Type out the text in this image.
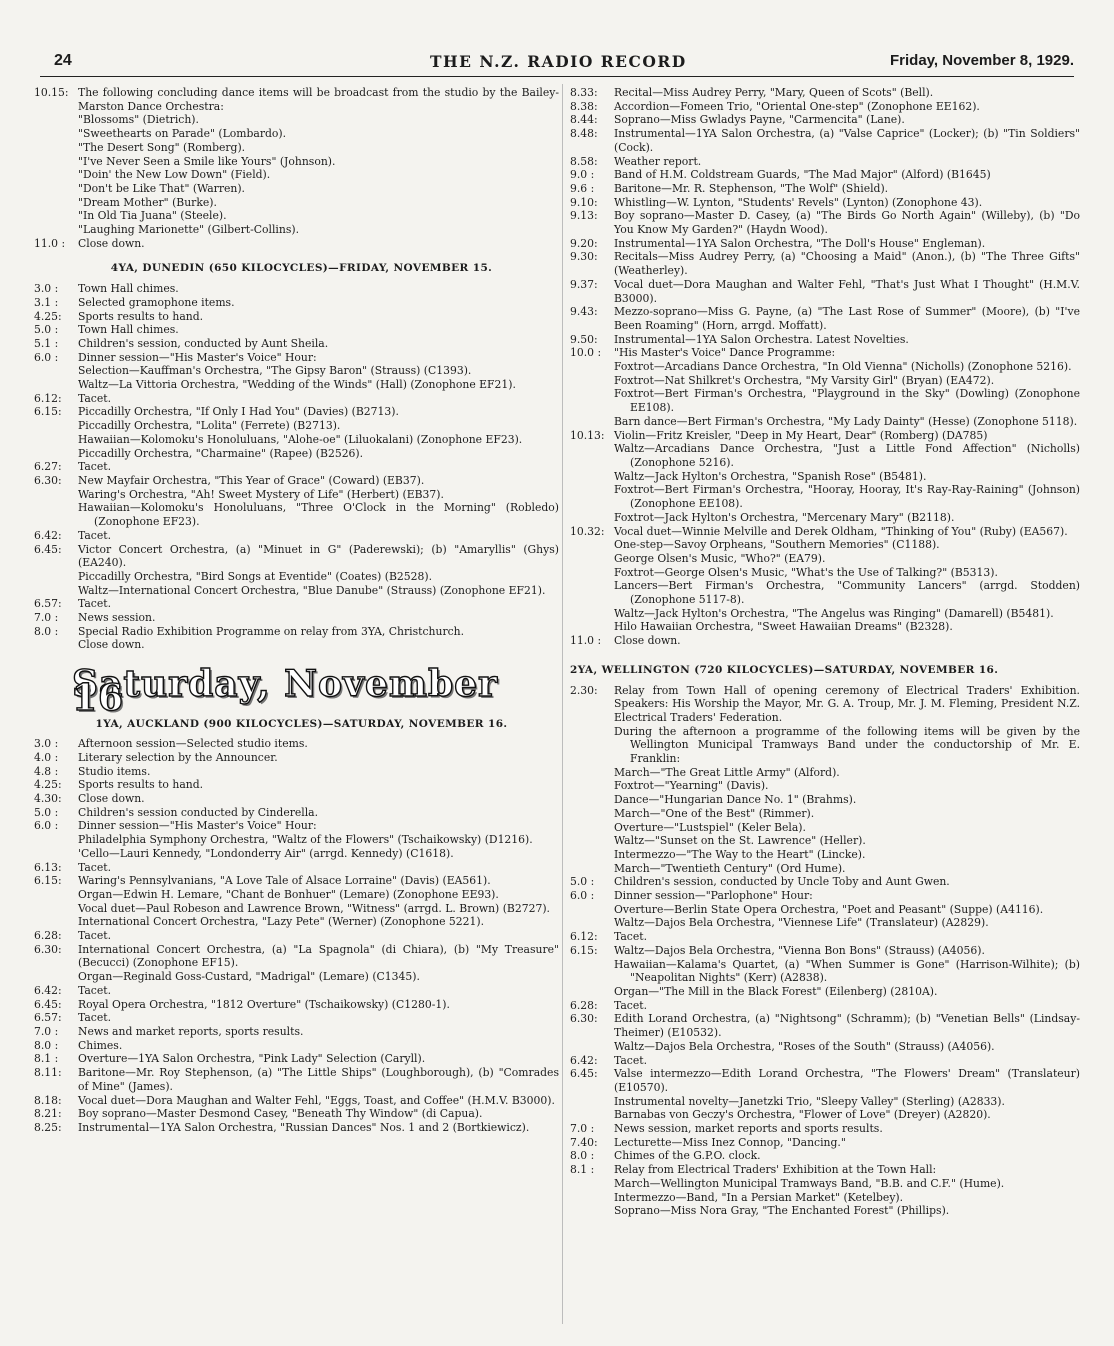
24	THE N.Z. RADIO RECORD	Friday, November 8, 1929.
10.15: The following concluding dance items will be broadcast from the studio by the Bailey-Marston Dance Orchestra:
"Blossoms" (Dietrich).
"Sweethearts on Parade" (Lombardo).
"The Desert Song" (Romberg).
"I've Never Seen a Smile like Yours" (Johnson).
"Doin' the New Low Down" (Field).
"Don't be Like That" (Warren).
"Dream Mother" (Burke).
"In Old Tia Juana" (Steele).
"Laughing Marionette" (Gilbert-Collins).
11.0 :	Close down.
4YA, DUNEDIN (650 KILOCYCLES)—FRIDAY, NOVEMBER 15.
3.0 :	Town Hall chimes.
3.1 :	Selected gramophone items.
4.25:	Sports results to hand.
5.0 :	Town Hall chimes.
5.1 :	Children's session, conducted by Aunt Sheila.
6.0 :	Dinner session—"His Master's Voice" Hour:
Selection—Kauffman's Orchestra, "The Gipsy Baron" (Strauss) (C1393).
Waltz—La Vittoria Orchestra, "Wedding of the Winds" (Hall) (Zonophone EF21).
6.12:	Tacet.
6.15:	Piccadilly Orchestra, "If Only I Had You" (Davies) (B2713).
Piccadilly Orchestra, "Lolita" (Ferrete) (B2713).
Hawaiian—Kolomoku's Honoluluans, "Alohe-oe" (Liluokalani) (Zonophone EF23).
Piccadilly Orchestra, "Charmaine" (Rapee) (B2526).
6.27:	Tacet.
6.30:	New Mayfair Orchestra, "This Year of Grace" (Coward) (EB37).
Waring's Orchestra, "Ah! Sweet Mystery of Life" (Herbert) (EB37).
Hawaiian—Kolomoku's Honoluluans, "Three O'Clock in the Morning" (Robledo) (Zonophone EF23).
6.42:	Tacet.
6.45:	Victor Concert Orchestra, (a) "Minuet in G" (Paderewski); (b) "Amaryllis" (Ghys) (EA240).
Piccadilly Orchestra, "Bird Songs at Eventide" (Coates) (B2528).
Waltz—International Concert Orchestra, "Blue Danube" (Strauss) (Zonophone EF21).
6.57:	Tacet.
7.0 :	News session.
8.0 :	Special Radio Exhibition Programme on relay from 3YA, Christchurch.
Close down.
Saturday, November 16
1YA, AUCKLAND (900 KILOCYCLES)—SATURDAY, NOVEMBER 16.
3.0 :	Afternoon session—Selected studio items.
4.0 :	Literary selection by the Announcer.
4.8 :	Studio items.
4.25:	Sports results to hand.
4.30:	Close down.
5.0 :	Children's session conducted by Cinderella.
6.0 :	Dinner session—"His Master's Voice" Hour:
Philadelphia Symphony Orchestra, "Waltz of the Flowers" (Tschaikowsky) (D1216).
'Cello—Lauri Kennedy, "Londonderry Air" (arrgd. Kennedy) (C1618).
6.13:	Tacet.
6.15:	Waring's Pennsylvanians, "A Love Tale of Alsace Lorraine" (Davis) (EA561).
Organ—Edwin H. Lemare, "Chant de Bonhuer" (Lemare) (Zonophone EE93).
Vocal duet—Paul Robeson and Lawrence Brown, "Witness" (arrgd. L. Brown) (B2727).
International Concert Orchestra, "Lazy Pete" (Werner) (Zonophone 5221).
6.28:	Tacet.
6.30:	International Concert Orchestra, (a) "La Spagnola" (di Chiara), (b) "My Treasure" (Becucci) (Zonophone EF15).
Organ—Reginald Goss-Custard, "Madrigal" (Lemare) (C1345).
6.42:	Tacet.
6.45:	Royal Opera Orchestra, "1812 Overture" (Tschaikowsky) (C1280-1).
6.57:	Tacet.
7.0 :	News and market reports, sports results.
8.0 :	Chimes.
8.1 :	Overture—1YA Salon Orchestra, "Pink Lady" Selection (Caryll).
8.11:	Baritone—Mr. Roy Stephenson, (a) "The Little Ships" (Loughborough), (b) "Comrades of Mine" (James).
8.18:	Vocal duet—Dora Maughan and Walter Fehl, "Eggs, Toast, and Coffee" (H.M.V. B3000).
8.21:	Boy soprano—Master Desmond Casey, "Beneath Thy Window" (di Capua).
8.25:	Instrumental—1YA Salon Orchestra, "Russian Dances" Nos. 1 and 2 (Bortkiewicz).
8.33:	Recital—Miss Audrey Perry, "Mary, Queen of Scots" (Bell).
8.38:	Accordion—Fomeen Trio, "Oriental One-step" (Zonophone EE162).
8.44:	Soprano—Miss Gwladys Payne, "Carmencita" (Lane).
8.48:	Instrumental—1YA Salon Orchestra, (a) "Valse Caprice" (Locker); (b) "Tin Soldiers" (Cock).
8.58:	Weather report.
9.0 :	Band of H.M. Coldstream Guards, "The Mad Major" (Alford) (B1645)
9.6 :	Baritone—Mr. R. Stephenson, "The Wolf" (Shield).
9.10:	Whistling—W. Lynton, "Students' Revels" (Lynton) (Zonophone 43).
9.13:	Boy soprano—Master D. Casey, (a) "The Birds Go North Again" (Willeby), (b) "Do You Know My Garden?" (Haydn Wood).
9.20:	Instrumental—1YA Salon Orchestra, "The Doll's House" Engleman).
9.30:	Recitals—Miss Audrey Perry, (a) "Choosing a Maid" (Anon.), (b) "The Three Gifts" (Weatherley).
9.37:	Vocal duet—Dora Maughan and Walter Fehl, "That's Just What I Thought" (H.M.V. B3000).
9.43:	Mezzo-soprano—Miss G. Payne, (a) "The Last Rose of Summer" (Moore), (b) "I've Been Roaming" (Horn, arrgd. Moffatt).
9.50:	Instrumental—1YA Salon Orchestra. Latest Novelties.
10.0 :	"His Master's Voice" Dance Programme:
Foxtrot—Arcadians Dance Orchestra, "In Old Vienna" (Nicholls) (Zonophone 5216).
Foxtrot—Nat Shilkret's Orchestra, "My Varsity Girl" (Bryan) (EA472).
Foxtrot—Bert Firman's Orchestra, "Playground in the Sky" (Dowling) (Zonophone EE108).
Barn dance—Bert Firman's Orchestra, "My Lady Dainty" (Hesse) (Zonophone 5118).
10.13: Violin—Fritz Kreisler, "Deep in My Heart, Dear" (Romberg) (DA785)
Waltz—Arcadians Dance Orchestra, "Just a Little Fond Affection" (Nicholls) (Zonophone 5216).
Waltz—Jack Hylton's Orchestra, "Spanish Rose" (B5481).
Foxtrot—Bert Firman's Orchestra, "Hooray, Hooray, It's Ray-Ray-Raining" (Johnson) (Zonophone EE108).
Foxtrot—Jack Hylton's Orchestra, "Mercenary Mary" (B2118).
10.32: Vocal duet—Winnie Melville and Derek Oldham, "Thinking of You" (Ruby) (EA567).
One-step—Savoy Orpheans, "Southern Memories" (C1188).
George Olsen's Music, "Who?" (EA79).
Foxtrot—George Olsen's Music, "What's the Use of Talking?" (B5313).
Lancers—Bert Firman's Orchestra, "Community Lancers" (arrgd. Stodden) (Zonophone 5117-8).
Waltz—Jack Hylton's Orchestra, "The Angelus was Ringing" (Damarell) (B5481).
Hilo Hawaiian Orchestra, "Sweet Hawaiian Dreams" (B2328).
11.0 :	Close down.
2YA, WELLINGTON (720 KILOCYCLES)—SATURDAY, NOVEMBER 16.
2.30:	Relay from Town Hall of opening ceremony of Electrical Traders' Exhibition. Speakers: His Worship the Mayor, Mr. G. A. Troup, Mr. J. M. Fleming, President N.Z. Electrical Traders' Federation.
During the afternoon a programme of the following items will be given by the Wellington Municipal Tramways Band under the conductorship of Mr. E. Franklin:
March—"The Great Little Army" (Alford).
Foxtrot—"Yearning" (Davis).
Dance—"Hungarian Dance No. 1" (Brahms).
March—"One of the Best" (Rimmer).
Overture—"Lustspiel" (Keler Bela).
Waltz—"Sunset on the St. Lawrence" (Heller).
Intermezzo—"The Way to the Heart" (Lincke).
March—"Twentieth Century" (Ord Hume).
5.0 :	Children's session, conducted by Uncle Toby and Aunt Gwen.
6.0 :	Dinner session—"Parlophone" Hour:
Overture—Berlin State Opera Orchestra, "Poet and Peasant" (Suppe) (A4116).
Waltz—Dajos Bela Orchestra, "Viennese Life" (Translateur) (A2829).
6.12:	Tacet.
6.15:	Waltz—Dajos Bela Orchestra, "Vienna Bon Bons" (Strauss) (A4056).
Hawaiian—Kalama's Quartet, (a) "When Summer is Gone" (Harrison-Wilhite); (b) "Neapolitan Nights" (Kerr) (A2838).
Organ—"The Mill in the Black Forest" (Eilenberg) (2810A).
6.28:	Tacet.
6.30:	Edith Lorand Orchestra, (a) "Nightsong" (Schramm); (b) "Venetian Bells" (Lindsay-Theimer) (E10532).
Waltz—Dajos Bela Orchestra, "Roses of the South" (Strauss) (A4056).
6.42:	Tacet.
6.45:	Valse intermezzo—Edith Lorand Orchestra, "The Flowers' Dream" (Translateur) (E10570).
Instrumental novelty—Janetzki Trio, "Sleepy Valley" (Sterling) (A2833).
Barnabas von Geczy's Orchestra, "Flower of Love" (Dreyer) (A2820).
7.0 :	News session, market reports and sports results.
7.40:	Lecturette—Miss Inez Connop, "Dancing."
8.0 :	Chimes of the G.P.O. clock.
8.1 :	Relay from Electrical Traders' Exhibition at the Town Hall:
March—Wellington Municipal Tramways Band, "B.B. and C.F." (Hume).
Intermezzo—Band, "In a Persian Market" (Ketelbey).
Soprano—Miss Nora Gray, "The Enchanted Forest" (Phillips).
